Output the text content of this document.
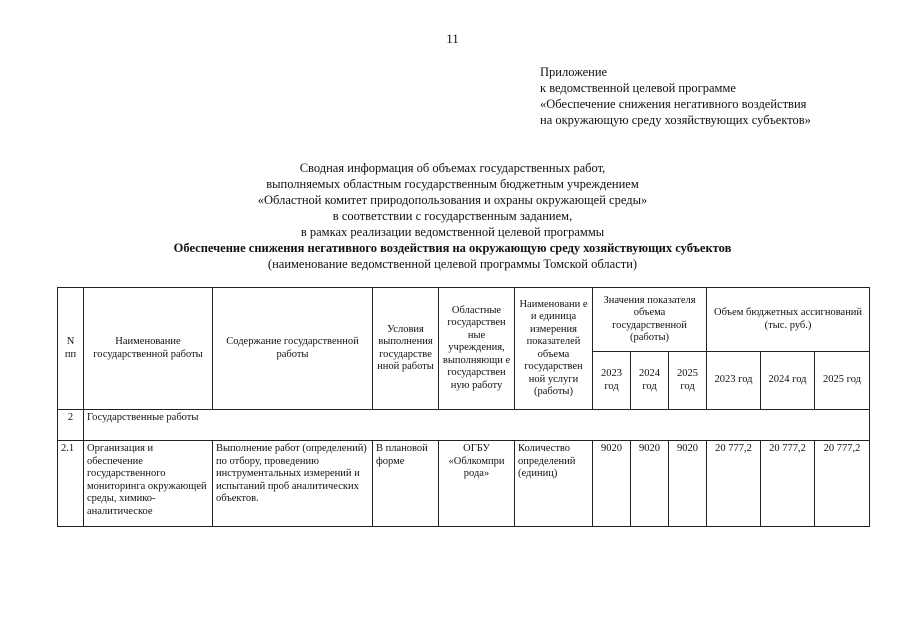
11
Приложение
к ведомственной целевой программе
«Обеспечение снижения негативного воздействия
на окружающую среду хозяйствующих субъектов»
Сводная информация об объемах государственных работ,
выполняемых областным государственным бюджетным учреждением
«Областной комитет природопользования и охраны окружающей среды»
в соответствии с государственным заданием,
в рамках реализации ведомственной целевой программы
Обеспечение снижения негативного воздействия на окружающую среду хозяйствующих субъектов
(наименование ведомственной целевой программы Томской области)
N пп	Наименование государственной работы	Содержание государственной работы	Условия выполнения государстве нной работы	Областные государствен ные учреждения, выполняющи е государствен ную работу	Наименовани е и единица измерения показателей объема государствен ной услуги (работы)	Значения показателя объема государственной (работы)			Объем бюджетных ассигнований (тыс. руб.)		
						2023 год	2024 год	2025 год	2023 год	2024 год	2025 год
2	Государственные работы										
2.1	Организация и обеспечение государственного мониторинга окружающей среды, химико-аналитическое	Выполнение работ (определений) по отбору, проведению инструментальных измерений и испытаний проб аналитических объектов.	В плановой форме	ОГБУ «Облкомпри рода»	Количество определений (единиц)	9020	9020	9020	20 777,2	20 777,2	20 777,2
